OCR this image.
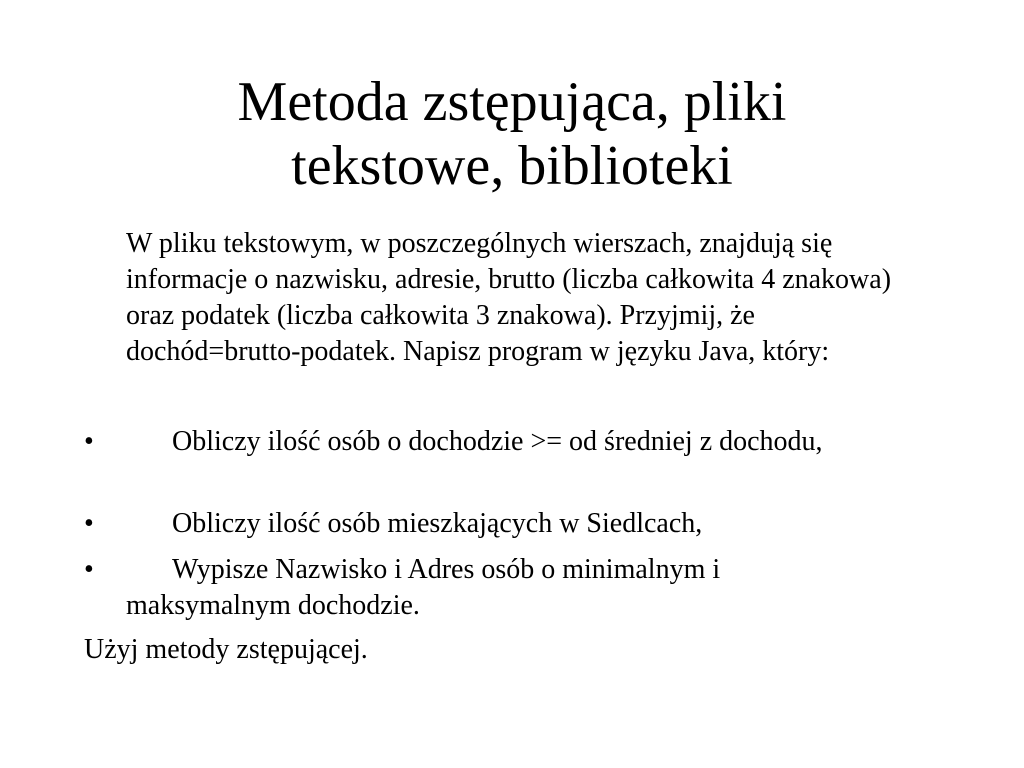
Metoda zstępująca, pliki
tekstowe, biblioteki

W pliku tekstowym, w poszczególnych wierszach, znajdują się informacje o nazwisku, adresie, brutto (liczba całkowita 4 znakowa) oraz podatek (liczba całkowita 3 znakowa). Przyjmij, że dochód=brutto-podatek. Napisz program w języku Java, który:

•	Obliczy ilość osób o dochodzie >= od średniej z dochodu,
•	Obliczy ilość osób mieszkających w Siedlcach,
•	Wypisze Nazwisko i Adres osób o minimalnym i maksymalnym dochodzie.

Użyj metody zstępującej.
